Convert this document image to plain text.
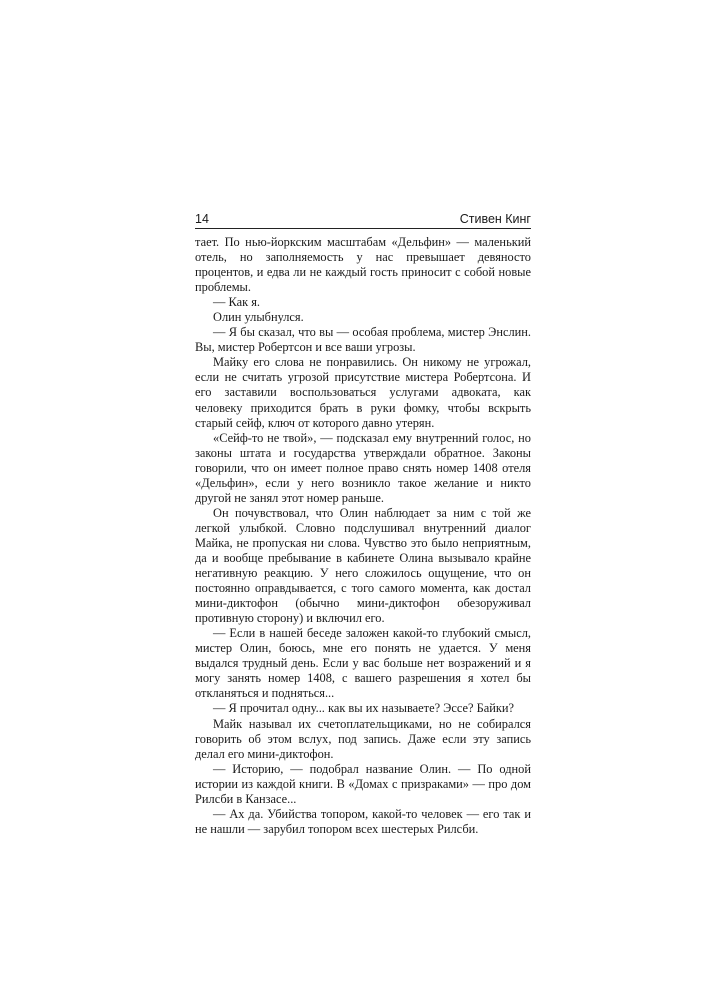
14	Стивен Кинг

тает. По нью-йоркским масштабам «Дельфин» — маленький отель, но заполняемость у нас превышает девяносто процентов, и едва ли не каждый гость приносит с собой новые проблемы.

— Как я.

Олин улыбнулся.

— Я бы сказал, что вы — особая проблема, мистер Энслин. Вы, мистер Робертсон и все ваши угрозы.

Майку его слова не понравились. Он никому не угрожал, если не считать угрозой присутствие мистера Робертсона. И его заставили воспользоваться услугами адвоката, как человеку приходится брать в руки фомку, чтобы вскрыть старый сейф, ключ от которого давно утерян.

«Сейф-то не твой», — подсказал ему внутренний голос, но законы штата и государства утверждали обратное. Законы говорили, что он имеет полное право снять номер 1408 отеля «Дельфин», если у него возникло такое желание и никто другой не занял этот номер раньше.

Он почувствовал, что Олин наблюдает за ним с той же легкой улыбкой. Словно подслушивал внутренний диалог Майка, не пропуская ни слова. Чувство это было неприятным, да и вообще пребывание в кабинете Олина вызывало крайне негативную реакцию. У него сложилось ощущение, что он постоянно оправдывается, с того самого момента, как достал мини-диктофон (обычно мини-диктофон обезоруживал противную сторону) и включил его.

— Если в нашей беседе заложен какой-то глубокий смысл, мистер Олин, боюсь, мне его понять не удается. У меня выдался трудный день. Если у вас больше нет возражений и я могу занять номер 1408, с вашего разрешения я хотел бы откланяться и подняться...

— Я прочитал одну... как вы их называете? Эссе? Байки?

Майк называл их счетоплательщиками, но не собирался говорить об этом вслух, под запись. Даже если эту запись делал его мини-диктофон.

— Историю, — подобрал название Олин. — По одной истории из каждой книги. В «Домах с призраками» — про дом Рилсби в Канзасе...

— Ах да. Убийства топором, какой-то человек — его так и не нашли — зарубил топором всех шестерых Рилсби.
